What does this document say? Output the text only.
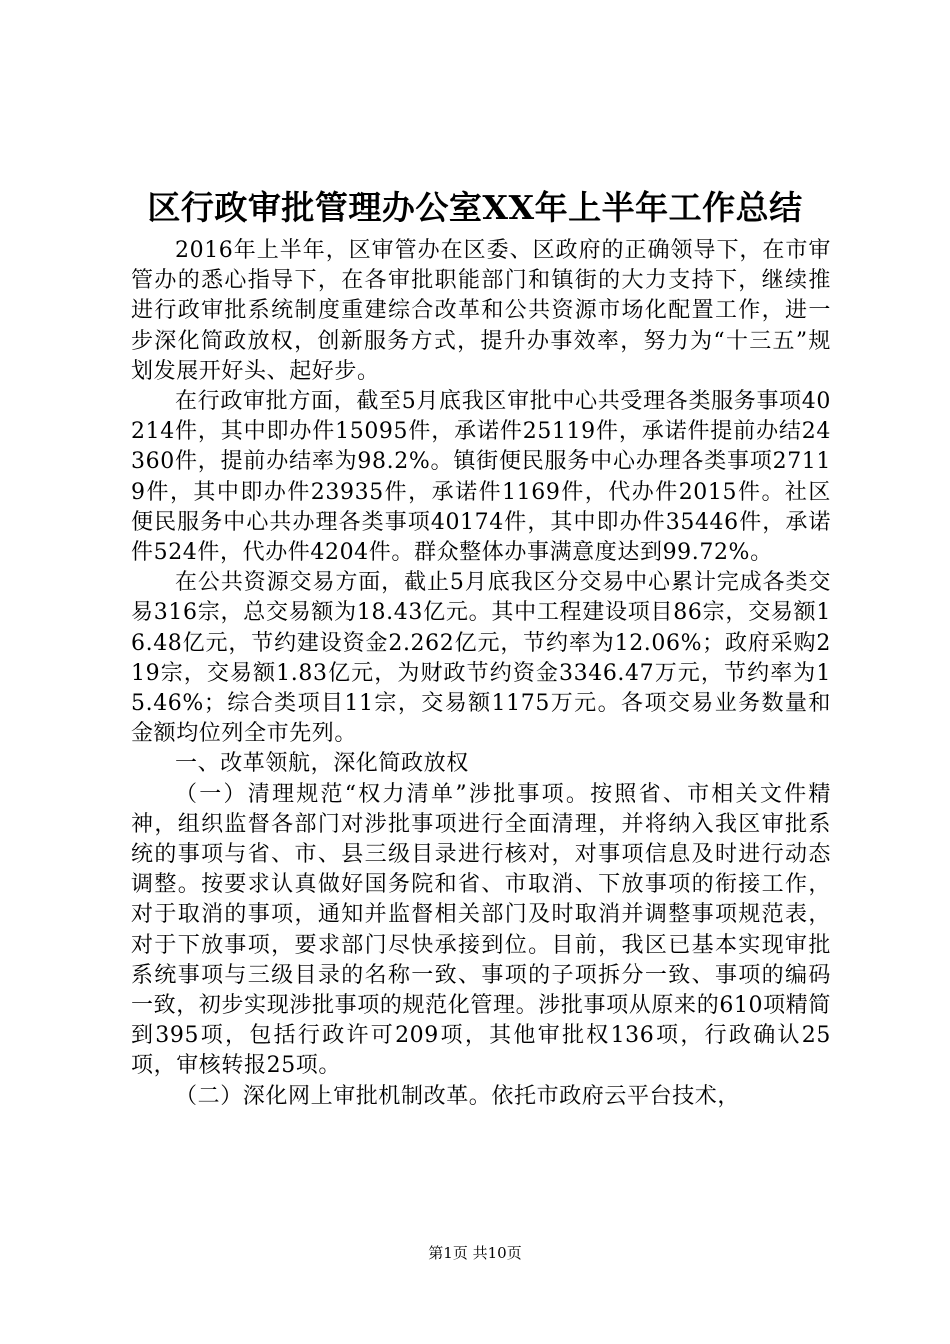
区行政审批管理办公室XX年上半年工作总结

2016年上半年，区审管办在区委、区政府的正确领导下，在市审管办的悉心指导下，在各审批职能部门和镇街的大力支持下，继续推进行政审批系统制度重建综合改革和公共资源市场化配置工作，进一步深化简政放权，创新服务方式，提升办事效率，努力为“十三五”规划发展开好头、起好步。

在行政审批方面，截至5月底我区审批中心共受理各类服务事项40214件，其中即办件15095件，承诺件25119件，承诺件提前办结24360件，提前办结率为98.2%。镇街便民服务中心办理各类事项27119件，其中即办件23935件，承诺件1169件，代办件2015件。社区便民服务中心共办理各类事项40174件，其中即办件35446件，承诺件524件，代办件4204件。群众整体办事满意度达到99.72%。

在公共资源交易方面，截止5月底我区分交易中心累计完成各类交易316宗，总交易额为18.43亿元。其中工程建设项目86宗，交易额16.48亿元，节约建设资金2.262亿元，节约率为12.06%；政府采购219宗，交易额1.83亿元，为财政节约资金3346.47万元，节约率为15.46%；综合类项目11宗，交易额1175万元。各项交易业务数量和金额均位列全市先列。

一、改革领航，深化简政放权

（一）清理规范“权力清单”涉批事项。按照省、市相关文件精神，组织监督各部门对涉批事项进行全面清理，并将纳入我区审批系统的事项与省、市、县三级目录进行核对，对事项信息及时进行动态调整。按要求认真做好国务院和省、市取消、下放事项的衔接工作，对于取消的事项，通知并监督相关部门及时取消并调整事项规范表，对于下放事项，要求部门尽快承接到位。目前，我区已基本实现审批系统事项与三级目录的名称一致、事项的子项拆分一致、事项的编码一致，初步实现涉批事项的规范化管理。涉批事项从原来的610项精简到395项，包括行政许可209项，其他审批权136项，行政确认25项，审核转报25项。

（二）深化网上审批机制改革。依托市政府云平台技术，

第1页 共10页
